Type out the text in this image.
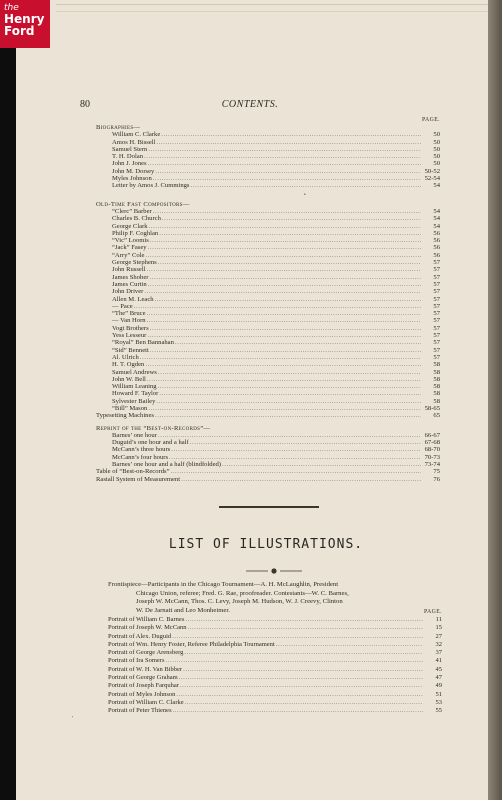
the
Henry
Ford
80	CONTENTS.
PAGE.
Biographies—
William C. Clarke .....	50
Amos H. Bissell .....	50
Samuel Stern .....	50
T. H. Dolan .....	50
John J. Jones .....	50
John M. Dorsey .....	50-52
Myles Johnson .....	52-54
Letter by Amos J. Cummings .....	54
•
Old-Time Fast Compositors—
“Clerc” Barber .....	54
Charles B. Church .....	54
George Clark .....	54
Philip F. Coghlan .....	56
“Vic” Loomis .....	56
“Jack” Fasey .....	56
“Arry” Cole .....	56
George Stephens .....	57
John Russell .....	57
James Shober .....	57
James Curtin .....	57
John Driver .....	57
Allen M. Leach .....	57
— Pace .....	57
“The” Bruce .....	57
— Van Horn .....	57
Vogt Brothers .....	57
Yess Lesseur .....	57
“Royal” Ben Bannahan .....	57
“Sid” Bennett .....	57
Al. Ulrich .....	57
H. T. Ogden .....	58
Samuel Andrews .....	58
John W. Bell .....	58
William Leaning .....	58
Howard F. Taylor .....	58
Sylvester Bailey .....	58
“Bill” Mason .....	58-65
Typesetting Machines .....	65
Reprint of the “Best-on-Records”—
Barnes’ one hour .....	66-67
Duguid’s one hour and a half .....	67-68
McCann’s three hours .....	68-70
McCann’s four hours .....	70-73
Barnes’ one hour and a half (blindfolded) .....	73-74
Table of “Best-on-Records” .....	75
Rastall System of Measurement .....	76
LIST OF ILLUSTRATIONS.
Frontispiece—Participants in the Chicago Tournament—A. H. McLaughlin, President
Chicago Union, referee; Fred. G. Rae, proofreader. Contestants—W. C. Barnes,
Joseph W. McCann, Thos. C. Levy, Joseph M. Hudson, W. J. Creevy, Clinton
W. De Jarnatt and Leo Monheimer.	PAGE.
Portrait of William C. Barnes .....	11
Portrait of Joseph W. McCann .....	15
Portrait of Alex. Duguid .....	27
Portrait of Wm. Henry Foster, Referee Philadelphia Tournament .....	32
Portrait of George Arensberg .....	37
Portrait of Ira Somers .....	41
Portrait of W. H. Van Bibber .....	45
Portrait of George Graham .....	47
Portrait of Joseph Farquhar .....	49
Portrait of Myles Johnson .....	51
Portrait of William C. Clarke .....	53
Portrait of Peter Thienes .....	55
'
